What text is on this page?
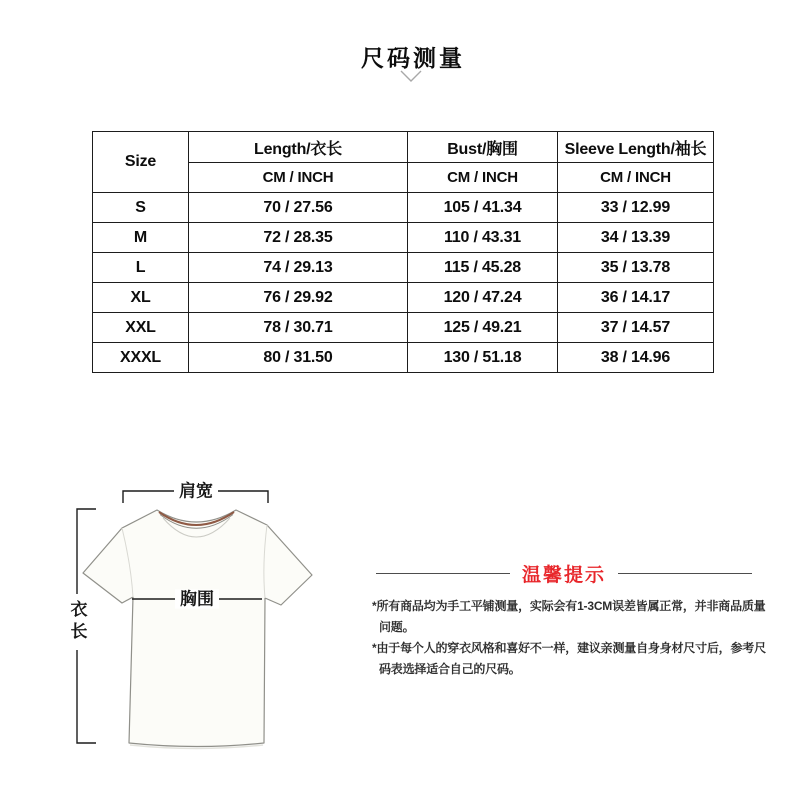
尺码测量
Size	Length/衣长	Bust/胸围	Sleeve Length/袖长
	CM / INCH	CM / INCH	CM / INCH
S	70 / 27.56	105 / 41.34	33 / 12.99
M	72 / 28.35	110 / 43.31	34 / 13.39
L	74 / 29.13	115 / 45.28	35 / 13.78
XL	76 / 29.92	120 / 47.24	36 / 14.17
XXL	78 / 30.71	125 / 49.21	37 / 14.57
XXXL	80 / 31.50	130 / 51.18	38 / 14.96
肩宽
胸围
衣长
温馨提示

*所有商品均为手工平铺测量，实际会有1-3CM误差皆属正常，并非商品质量问题。

*由于每个人的穿衣风格和喜好不一样，建议亲测量自身身材尺寸后，参考尺码表选择适合自己的尺码。
